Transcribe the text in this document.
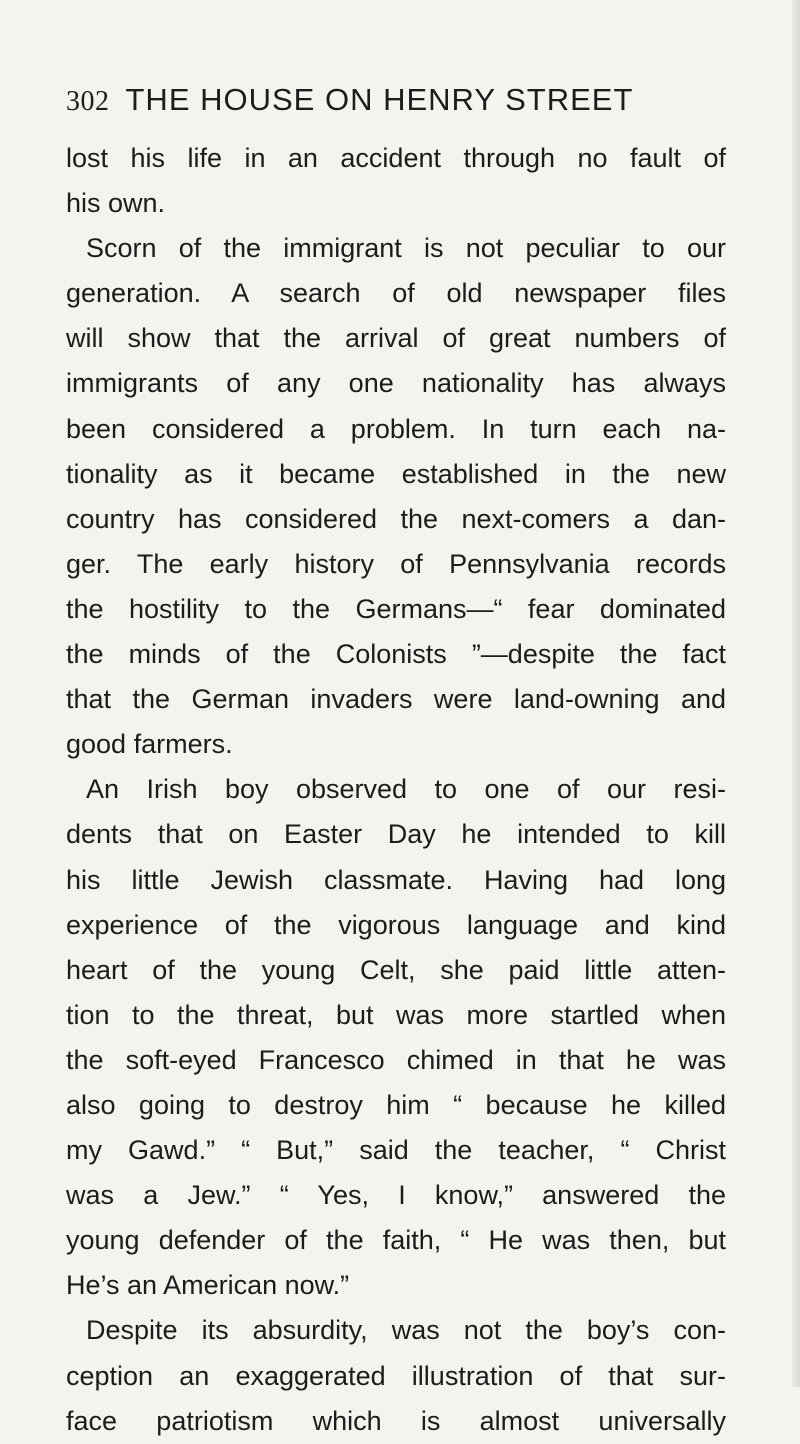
302 THE HOUSE ON HENRY STREET
lost his life in an accident through no fault of
his own.
Scorn of the immigrant is not peculiar to our
generation. A search of old newspaper files
will show that the arrival of great numbers of
immigrants of any one nationality has always
been considered a problem. In turn each na-
tionality as it became established in the new
country has considered the next-comers a dan-
ger. The early history of Pennsylvania records
the hostility to the Germans—“ fear dominated
the minds of the Colonists ”—despite the fact
that the German invaders were land-owning and
good farmers.
An Irish boy observed to one of our resi-
dents that on Easter Day he intended to kill
his little Jewish classmate. Having had long
experience of the vigorous language and kind
heart of the young Celt, she paid little atten-
tion to the threat, but was more startled when
the soft-eyed Francesco chimed in that he was
also going to destroy him “ because he killed
my Gawd.” “ But,” said the teacher, “ Christ
was a Jew.” “ Yes, I know,” answered the
young defender of the faith, “ He was then, but
He’s an American now.”
Despite its absurdity, was not the boy’s con-
ception an exaggerated illustration of that sur-
face patriotism which is almost universally
